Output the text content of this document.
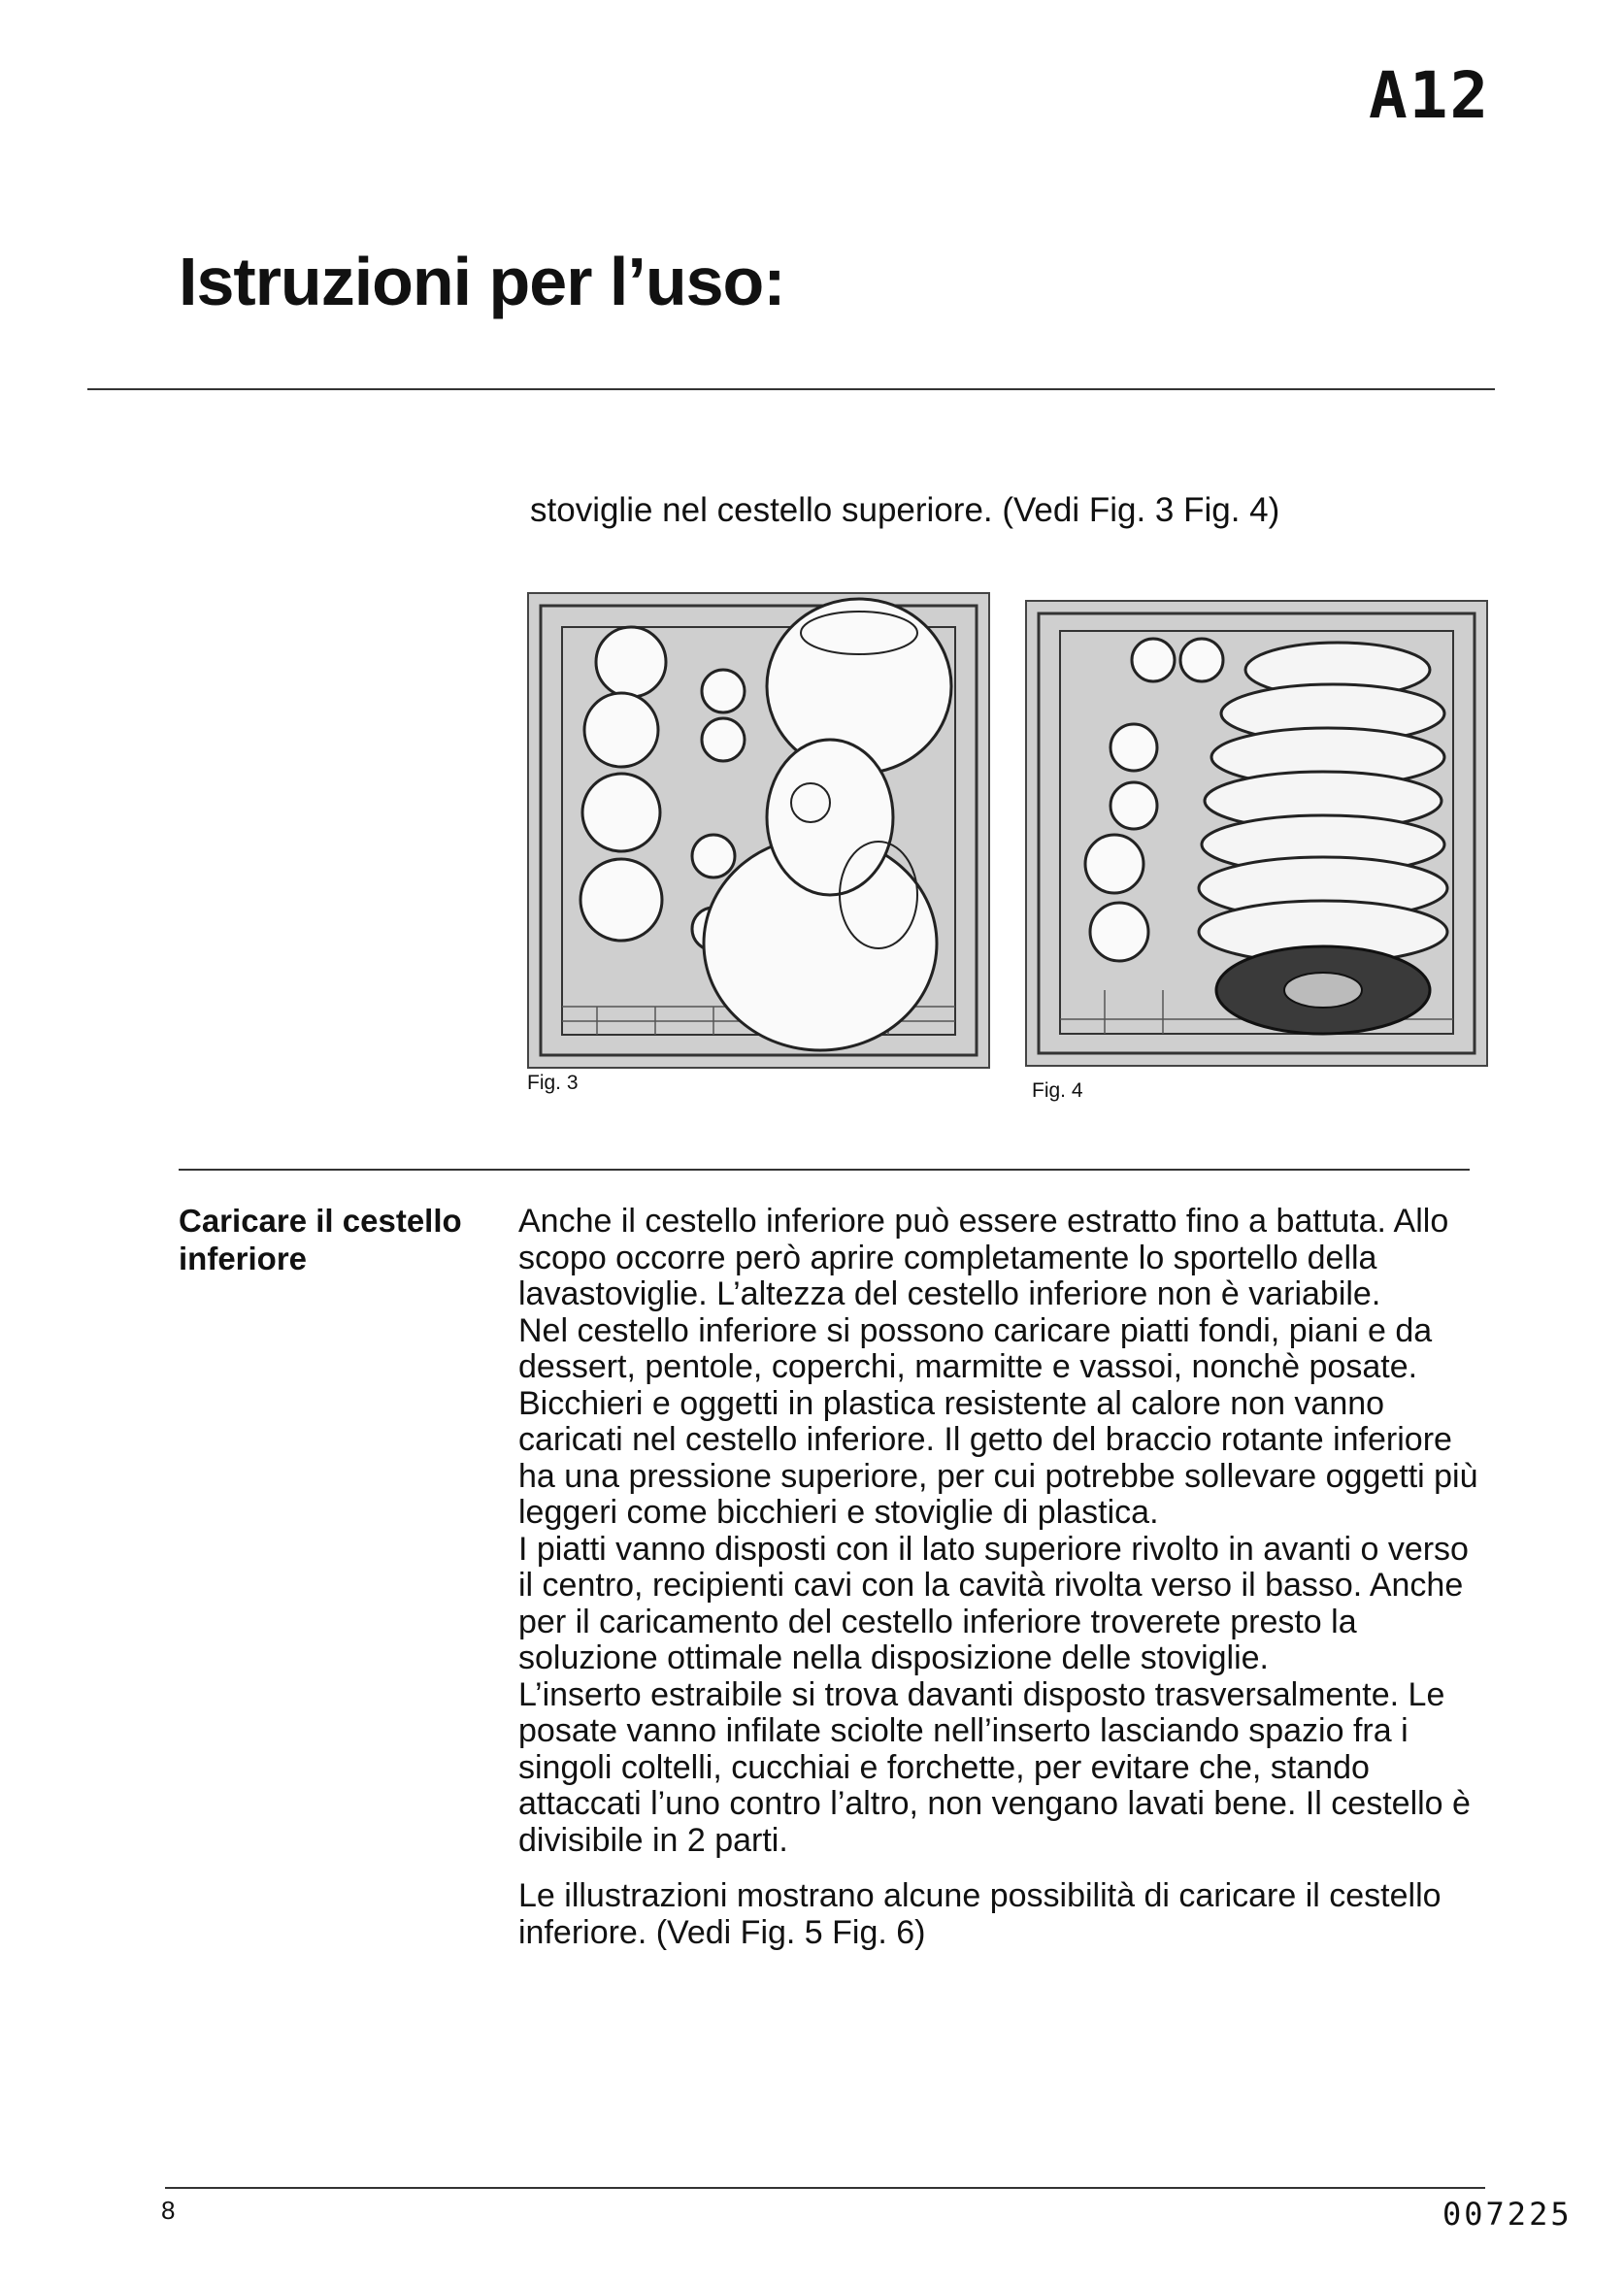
A12
Istruzioni per l’uso:
stoviglie nel cestello superiore. (Vedi Fig. 3 Fig. 4)
Fig. 3	Fig. 4
Caricare il cestello inferiore

Anche il cestello inferiore può essere estratto fino a battuta. Allo scopo occorre però aprire completamente lo sportello della lavastoviglie. L’altezza del cestello inferiore non è variabile.

Nel cestello inferiore si possono caricare piatti fondi, piani e da dessert, pentole, coperchi, marmitte e vassoi, nonchè posate. Bicchieri e oggetti in plastica resistente al calore non vanno caricati nel cestello inferiore. Il getto del braccio rotante inferiore ha una pressione superiore, per cui potrebbe sollevare oggetti più leggeri come bicchieri e stoviglie di plastica.

I piatti vanno disposti con il lato superiore rivolto in avanti o verso il centro, recipienti cavi con la cavità rivolta verso il basso. Anche per il caricamento del cestello inferiore troverete presto la soluzione ottimale nella disposizione delle stoviglie.

L’inserto estraibile si trova davanti disposto trasversalmente. Le posate vanno infilate sciolte nell’inserto lasciando spazio fra i singoli coltelli, cucchiai e forchette, per evitare che, stando attaccati l’uno contro l’altro, non vengano lavati bene. Il cestello è divisibile in 2 parti.

Le illustrazioni mostrano alcune possibilità di caricare il cestello inferiore. (Vedi Fig. 5 Fig. 6)

8	007225
